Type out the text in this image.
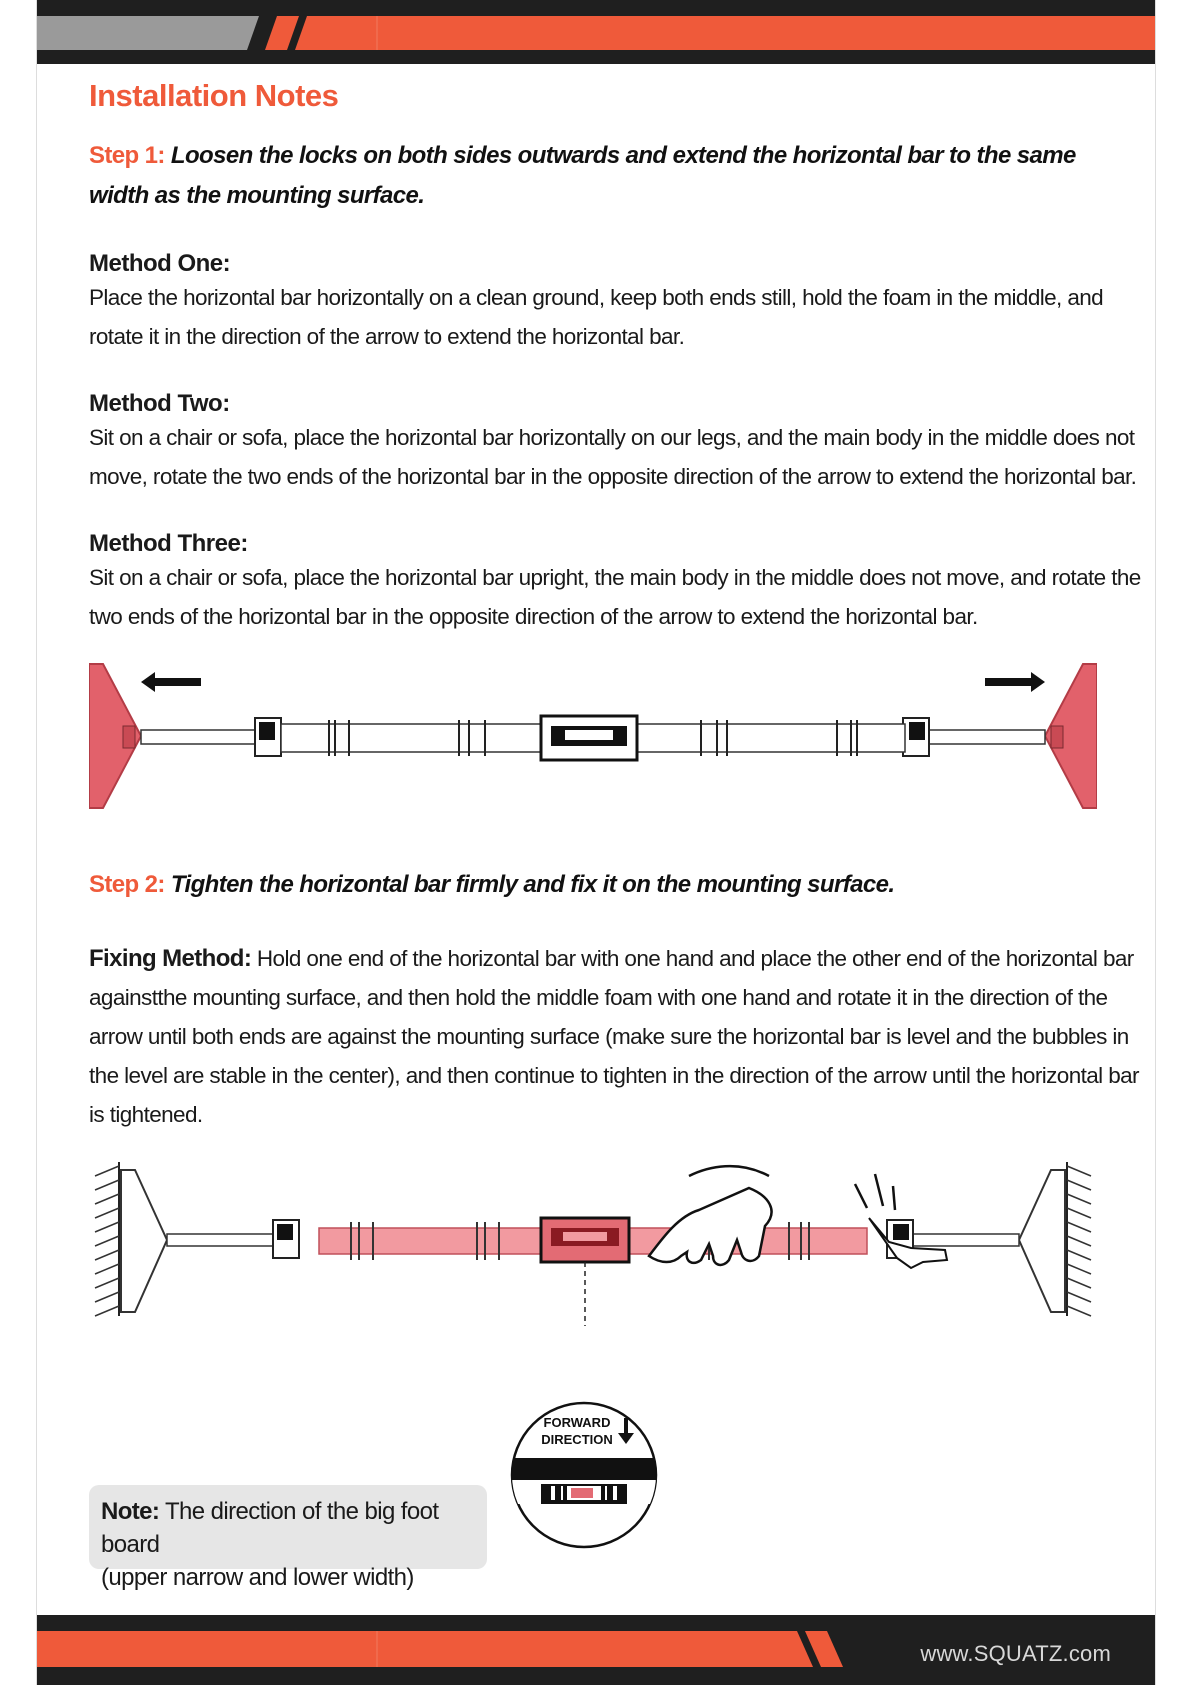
Installation Notes
Step 1: Loosen the locks on both sides outwards and extend the horizontal bar to the same width as the mounting surface.
Method One:
Place the horizontal bar horizontally on a clean ground, keep both ends still, hold the foam in the middle, and rotate it in the direction of the arrow to extend the horizontal bar.
Method Two:
Sit on a chair or sofa, place the horizontal bar horizontally on our legs, and the main body in the middle does not move, rotate the two ends of the horizontal bar in the opposite direction of the arrow to extend the horizontal bar.
Method Three:
Sit on a chair or sofa, place the horizontal bar upright, the main body in the middle does not move, and rotate the two ends of the horizontal bar in the opposite direction of the arrow to extend the horizontal bar.
Step 2: Tighten the horizontal bar firmly and fix it on the mounting surface.
Fixing Method: Hold one end of the horizontal bar with one hand and place the other end of the horizontal bar againstthe mounting surface, and then hold the middle foam with one hand and rotate it in the direction of the arrow until both ends are against the mounting surface (make sure the horizontal bar is level and the bubbles in the level are stable in the center), and then continue to tighten in the direction of the arrow until the horizontal bar is tightened.
FORWARD
DIRECTION
Note: The direction of the big foot board
(upper narrow and lower width)
www.SQUATZ.com
